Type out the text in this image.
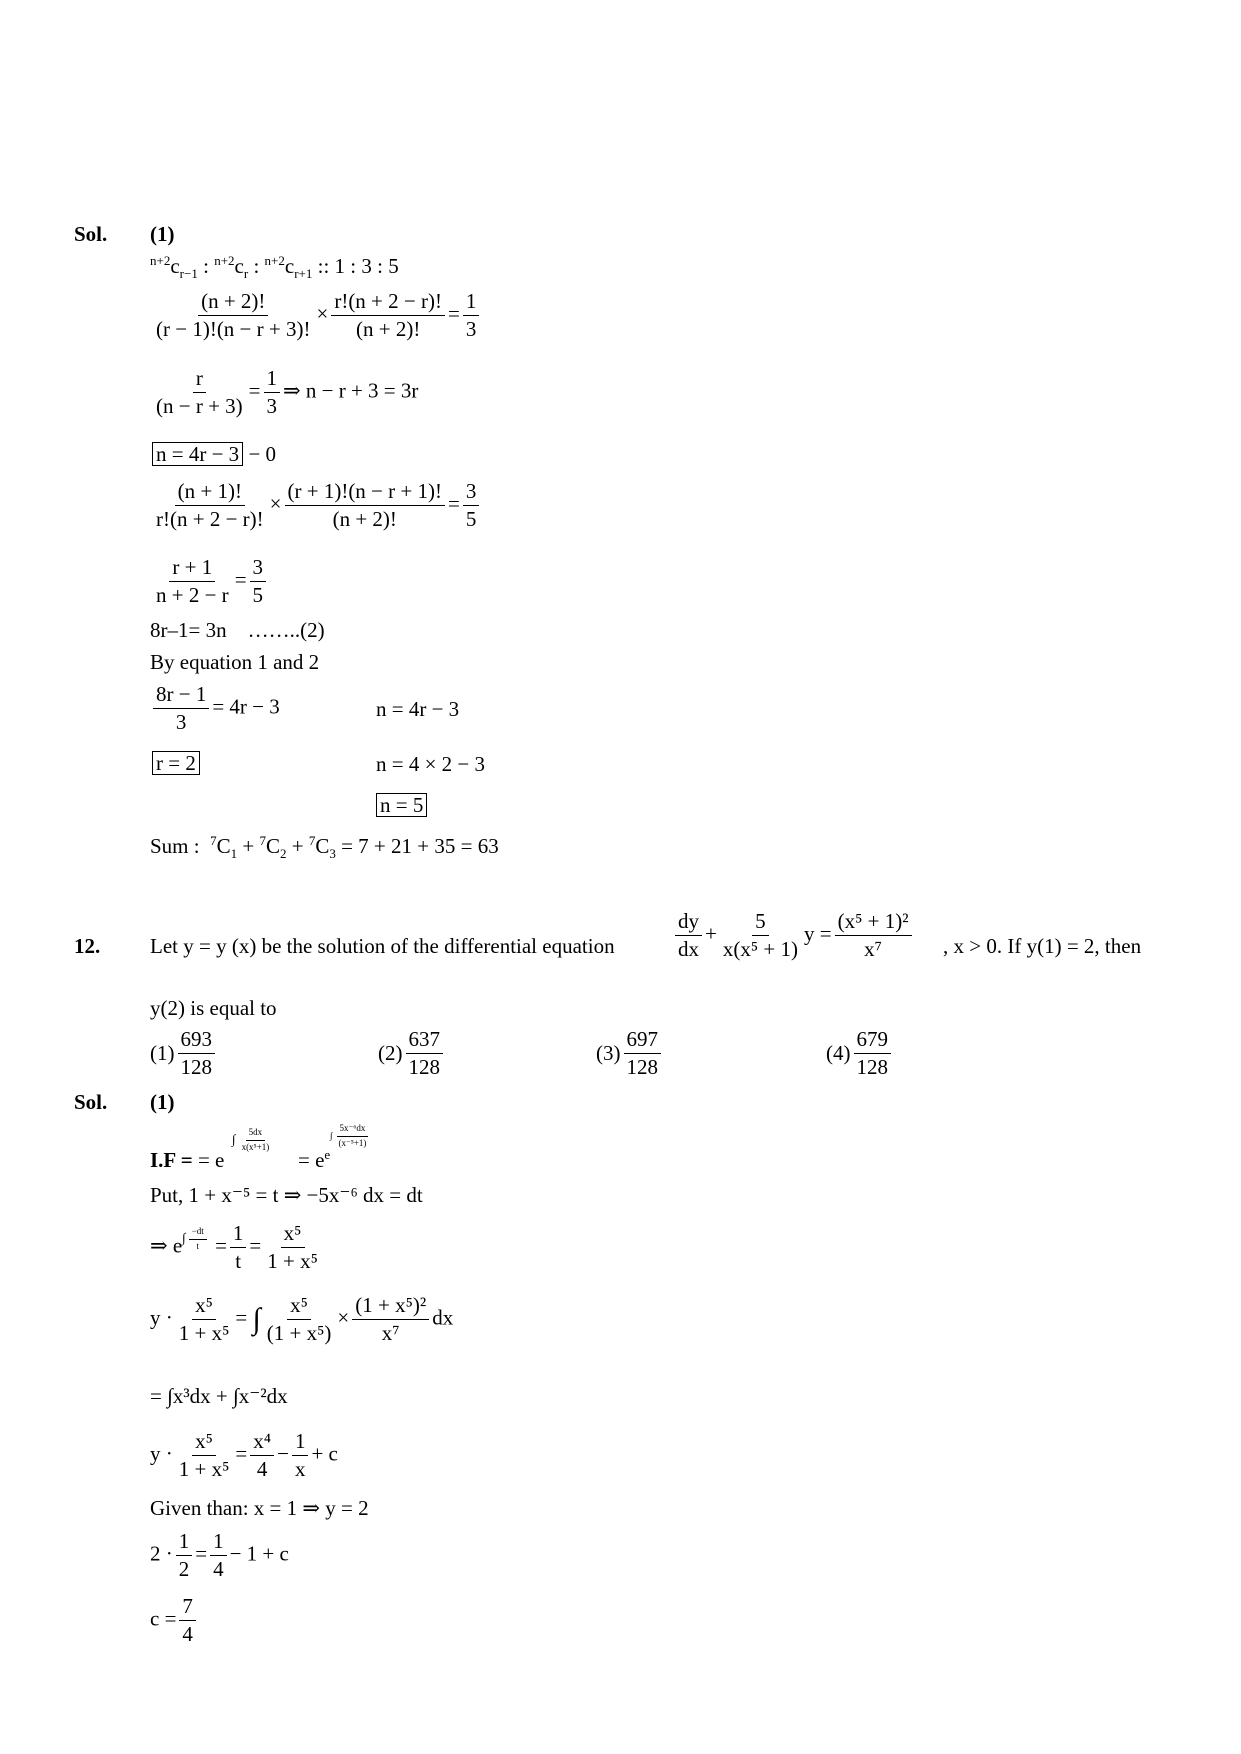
Sol. (1)
$^{n+2}c_{r-1}$ : $^{n+2}c_r$ : $^{n+2}c_{r+1}$ :: 1 : 3 : 5
$\frac{(n + 2)!}{(r - 1)!(n - r + 3)!} \times \frac{r!(n + 2 - r)!}{(n + 2)!} = \frac{1}{3}$
$\frac{r}{(n - r + 3)} = \frac{1}{3}$ ⇒ n − r + 3 = 3r
n = 4r − 3 − 0
$\frac{(n + 1)!}{r!(n + 2 - r)!} \times \frac{(r + 1)!(n - r + 1)!}{(n + 2)!} = \frac{3}{5}$
$\frac{r + 1}{n + 2 - r} = \frac{3}{5}$
8r–1= 3n    ……..(2)
By equation 1 and 2
$\frac{8r - 1}{3} = 4r - 3$	n = 4r − 3
r = 2	n = 4 × 2 − 3
n = 5
Sum : $^7C_1 + ^7C_2 + ^7C_3 = 7 + 21 + 35 = 63$
12. Let y = y (x) be the solution of the differential equation	$\frac{dy}{dx} + \frac{5}{\text{x(x⁵ + 1)}}$ $y = \frac{\text{(x⁵ + 1)²}}{\text{x⁷}}$ , x > 0. If y(1) = 2, then
y(2) is equal to
$(1) \frac{693}{128}$	$(2) \frac{637}{128}$	$(3) \frac{697}{128}$	$(4) \frac{679}{128}$
Sol. (1)
I.F = = e
∫ $\frac{5dx}{\text{x(x⁵+1)}}$
= $e^e$
∫ $\frac{\text{5x⁻⁶dx}}{\text{(x⁻⁵+1)}}$
Put, 1 + x⁻⁵ = t ⇒ −5x⁻⁶ dx = dt
⇒ $e^{\int \frac{-dt}{t}} = \frac{1}{t} = \frac{\text{x⁵}}{\text{1 + x⁵}}$
$y \cdot \frac{\text{x⁵}}{\text{1 + x⁵}}$ = ∫ $\frac{\text{x⁵}}{\text{(1 + x⁵)}} \times \frac{\text{(1 + x⁵)²}}{\text{x⁷}}$ dx
= ∫x³dx + ∫x⁻²dx
$y \cdot \frac{\text{x⁵}}{\text{1 + x⁵}} = \frac{\text{x⁴}}{4} - \frac{1}{x} + c$
Given than: x = 1 ⇒ y = 2
$2 \cdot \frac{1}{2} = \frac{1}{4} - 1 + c$
$c = \frac{7}{4}$
